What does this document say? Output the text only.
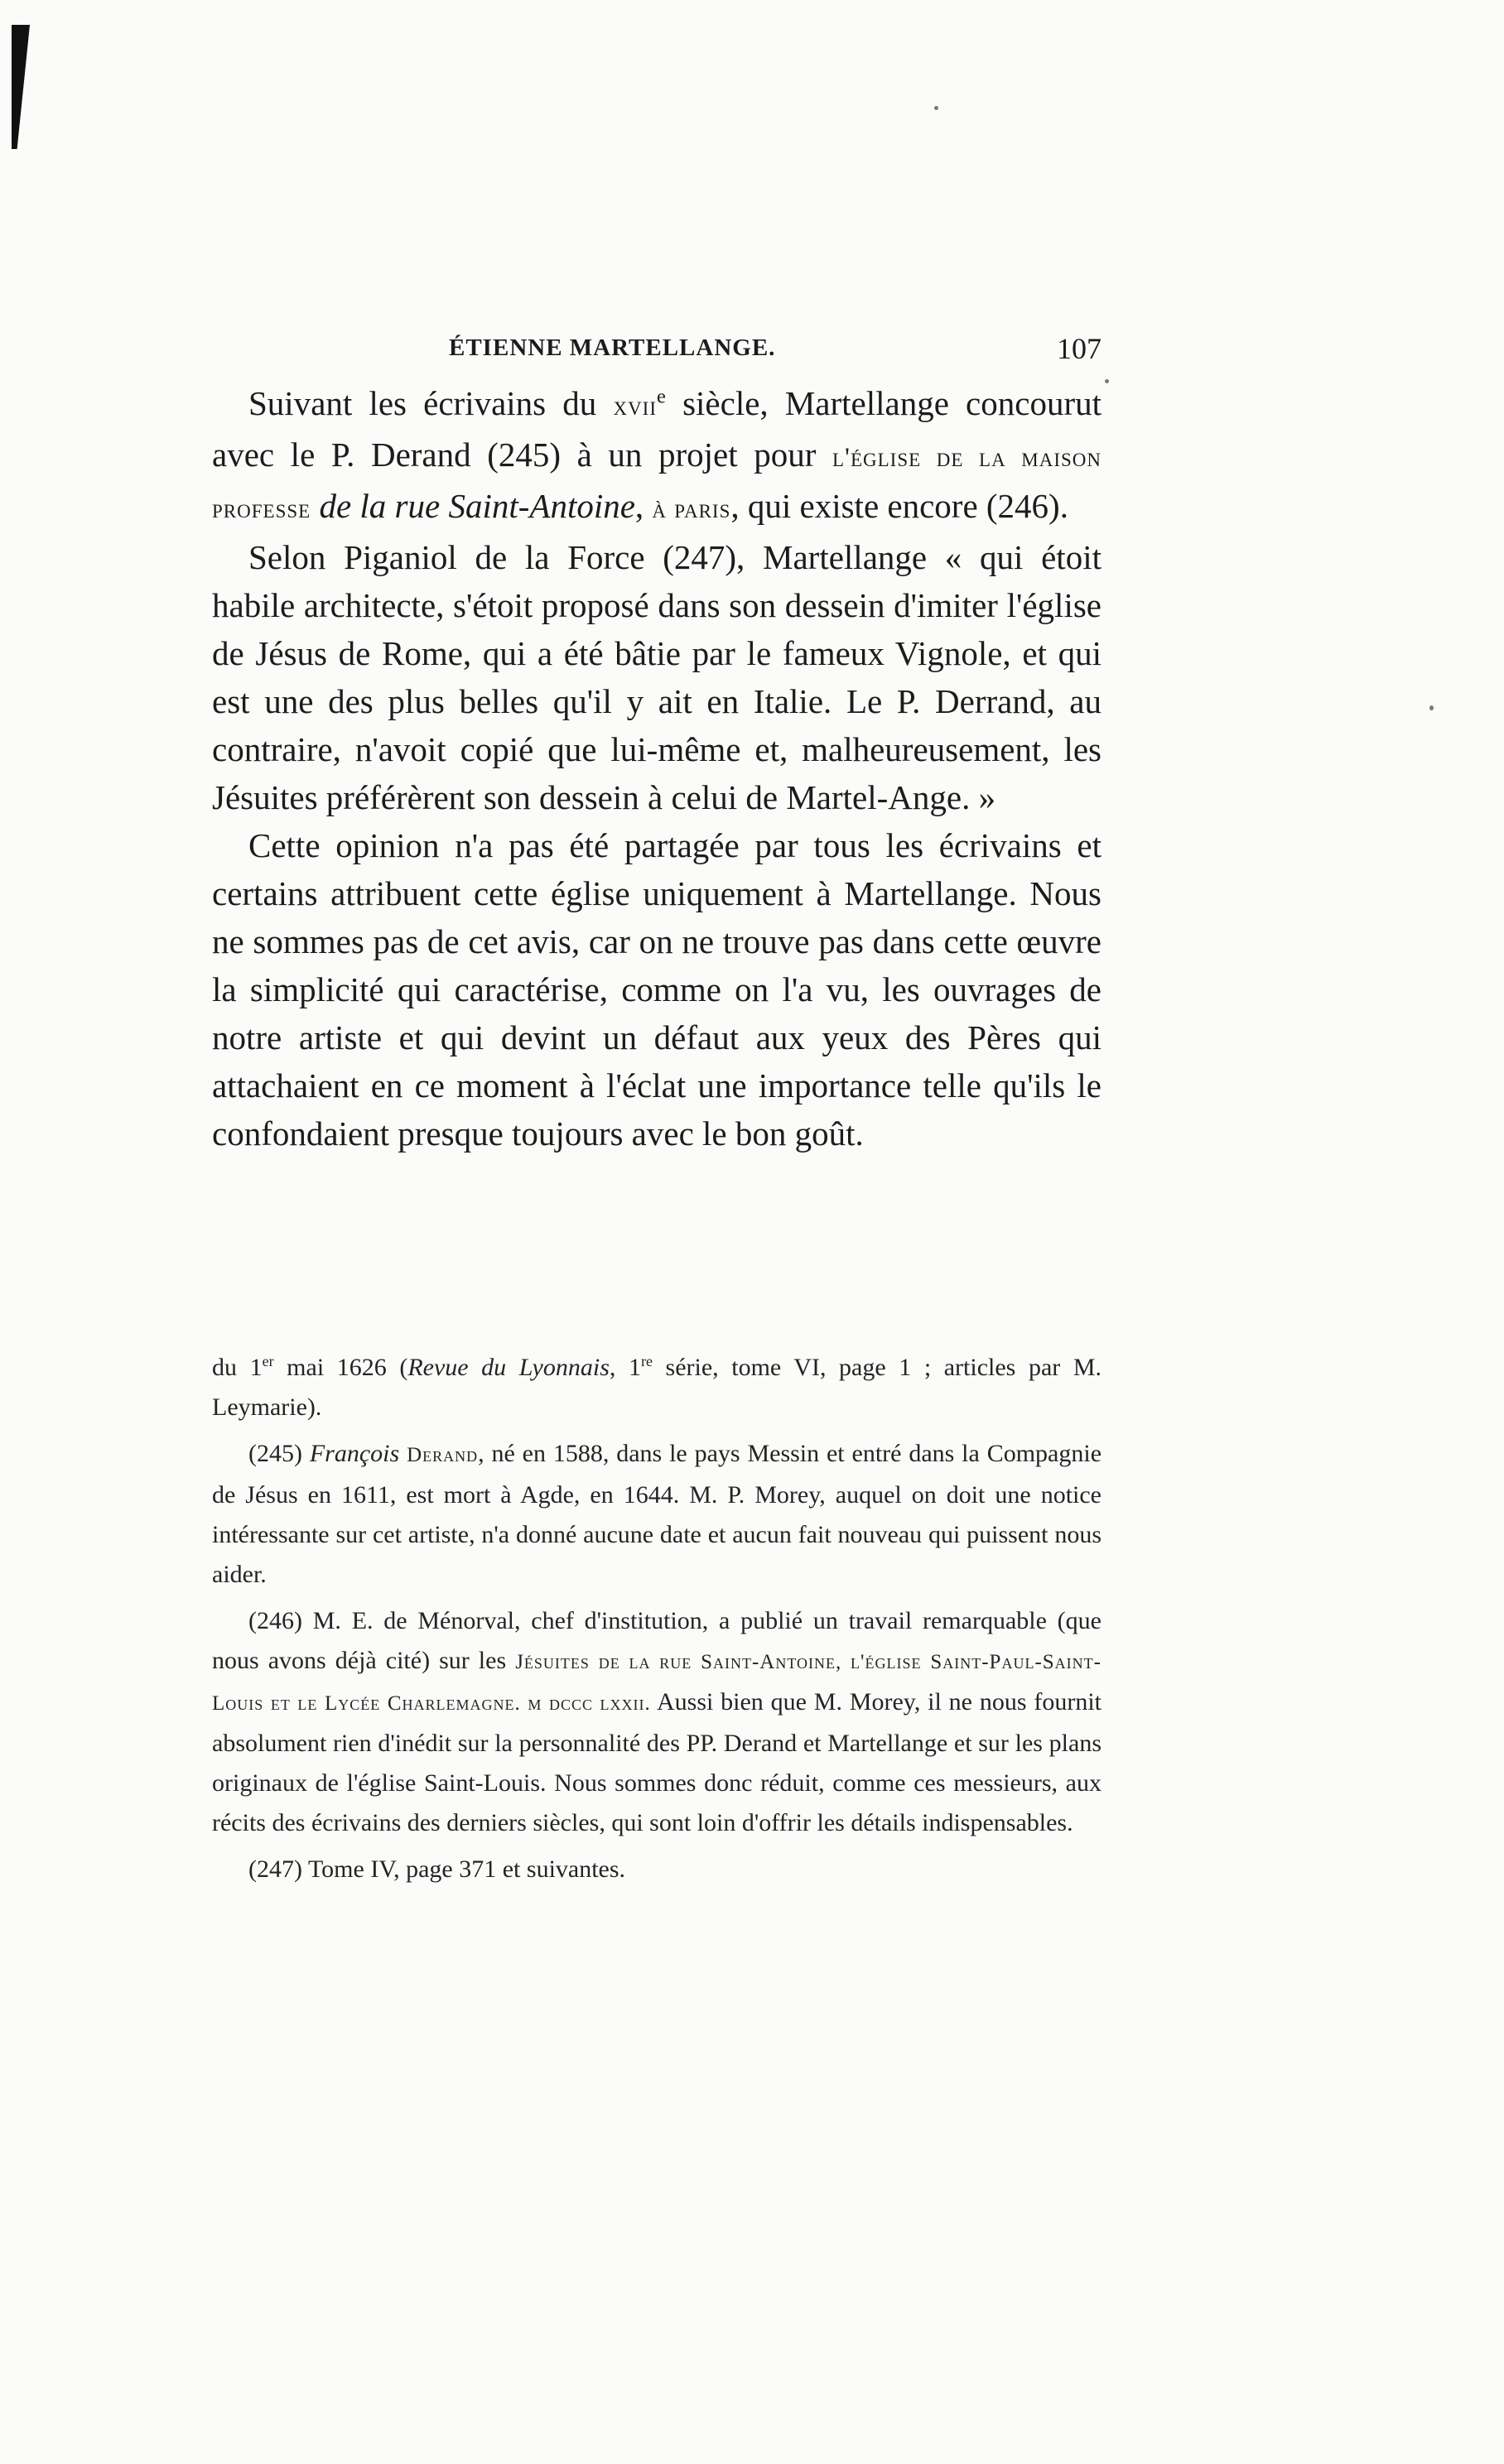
ÉTIENNE MARTELLANGE.	107

Suivant les écrivains du xvii$^e$ siècle, Martellange concourut avec le P. Derand (245) à un projet pour l'église de la maison professe de la rue Saint-Antoine, à paris, qui existe encore (246).

Selon Piganiol de la Force (247), Martellange « qui étoit habile architecte, s'étoit proposé dans son dessein d'imiter l'église de Jésus de Rome, qui a été bâtie par le fameux Vignole, et qui est une des plus belles qu'il y ait en Italie. Le P. Derrand, au contraire, n'avoit copié que lui-même et, malheureusement, les Jésuites préférèrent son dessein à celui de Martel-Ange. »

Cette opinion n'a pas été partagée par tous les écrivains et certains attribuent cette église uniquement à Martellange. Nous ne sommes pas de cet avis, car on ne trouve pas dans cette œuvre la simplicité qui caractérise, comme on l'a vu, les ouvrages de notre artiste et qui devint un défaut aux yeux des Pères qui attachaient en ce moment à l'éclat une importance telle qu'ils le confondaient presque toujours avec le bon goût.

du 1er mai 1626 (Revue du Lyonnais, 1re série, tome VI, page 1 ; articles par M. Leymarie).

(245) François Derand, né en 1588, dans le pays Messin et entré dans la Compagnie de Jésus en 1611, est mort à Agde, en 1644. M. P. Morey, auquel on doit une notice intéressante sur cet artiste, n'a donné aucune date et aucun fait nouveau qui puissent nous aider.

(246) M. E. de Ménorval, chef d'institution, a publié un travail remarquable (que nous avons déjà cité) sur les Jésuites de la rue Saint-Antoine, l'église Saint-Paul-Saint-Louis et le Lycée Charlemagne. m dccc lxxii. Aussi bien que M. Morey, il ne nous fournit absolument rien d'inédit sur la personnalité des PP. Derand et Martellange et sur les plans originaux de l'église Saint-Louis. Nous sommes donc réduit, comme ces messieurs, aux récits des écrivains des derniers siècles, qui sont loin d'offrir les détails indispensables.

(247) Tome IV, page 371 et suivantes.
